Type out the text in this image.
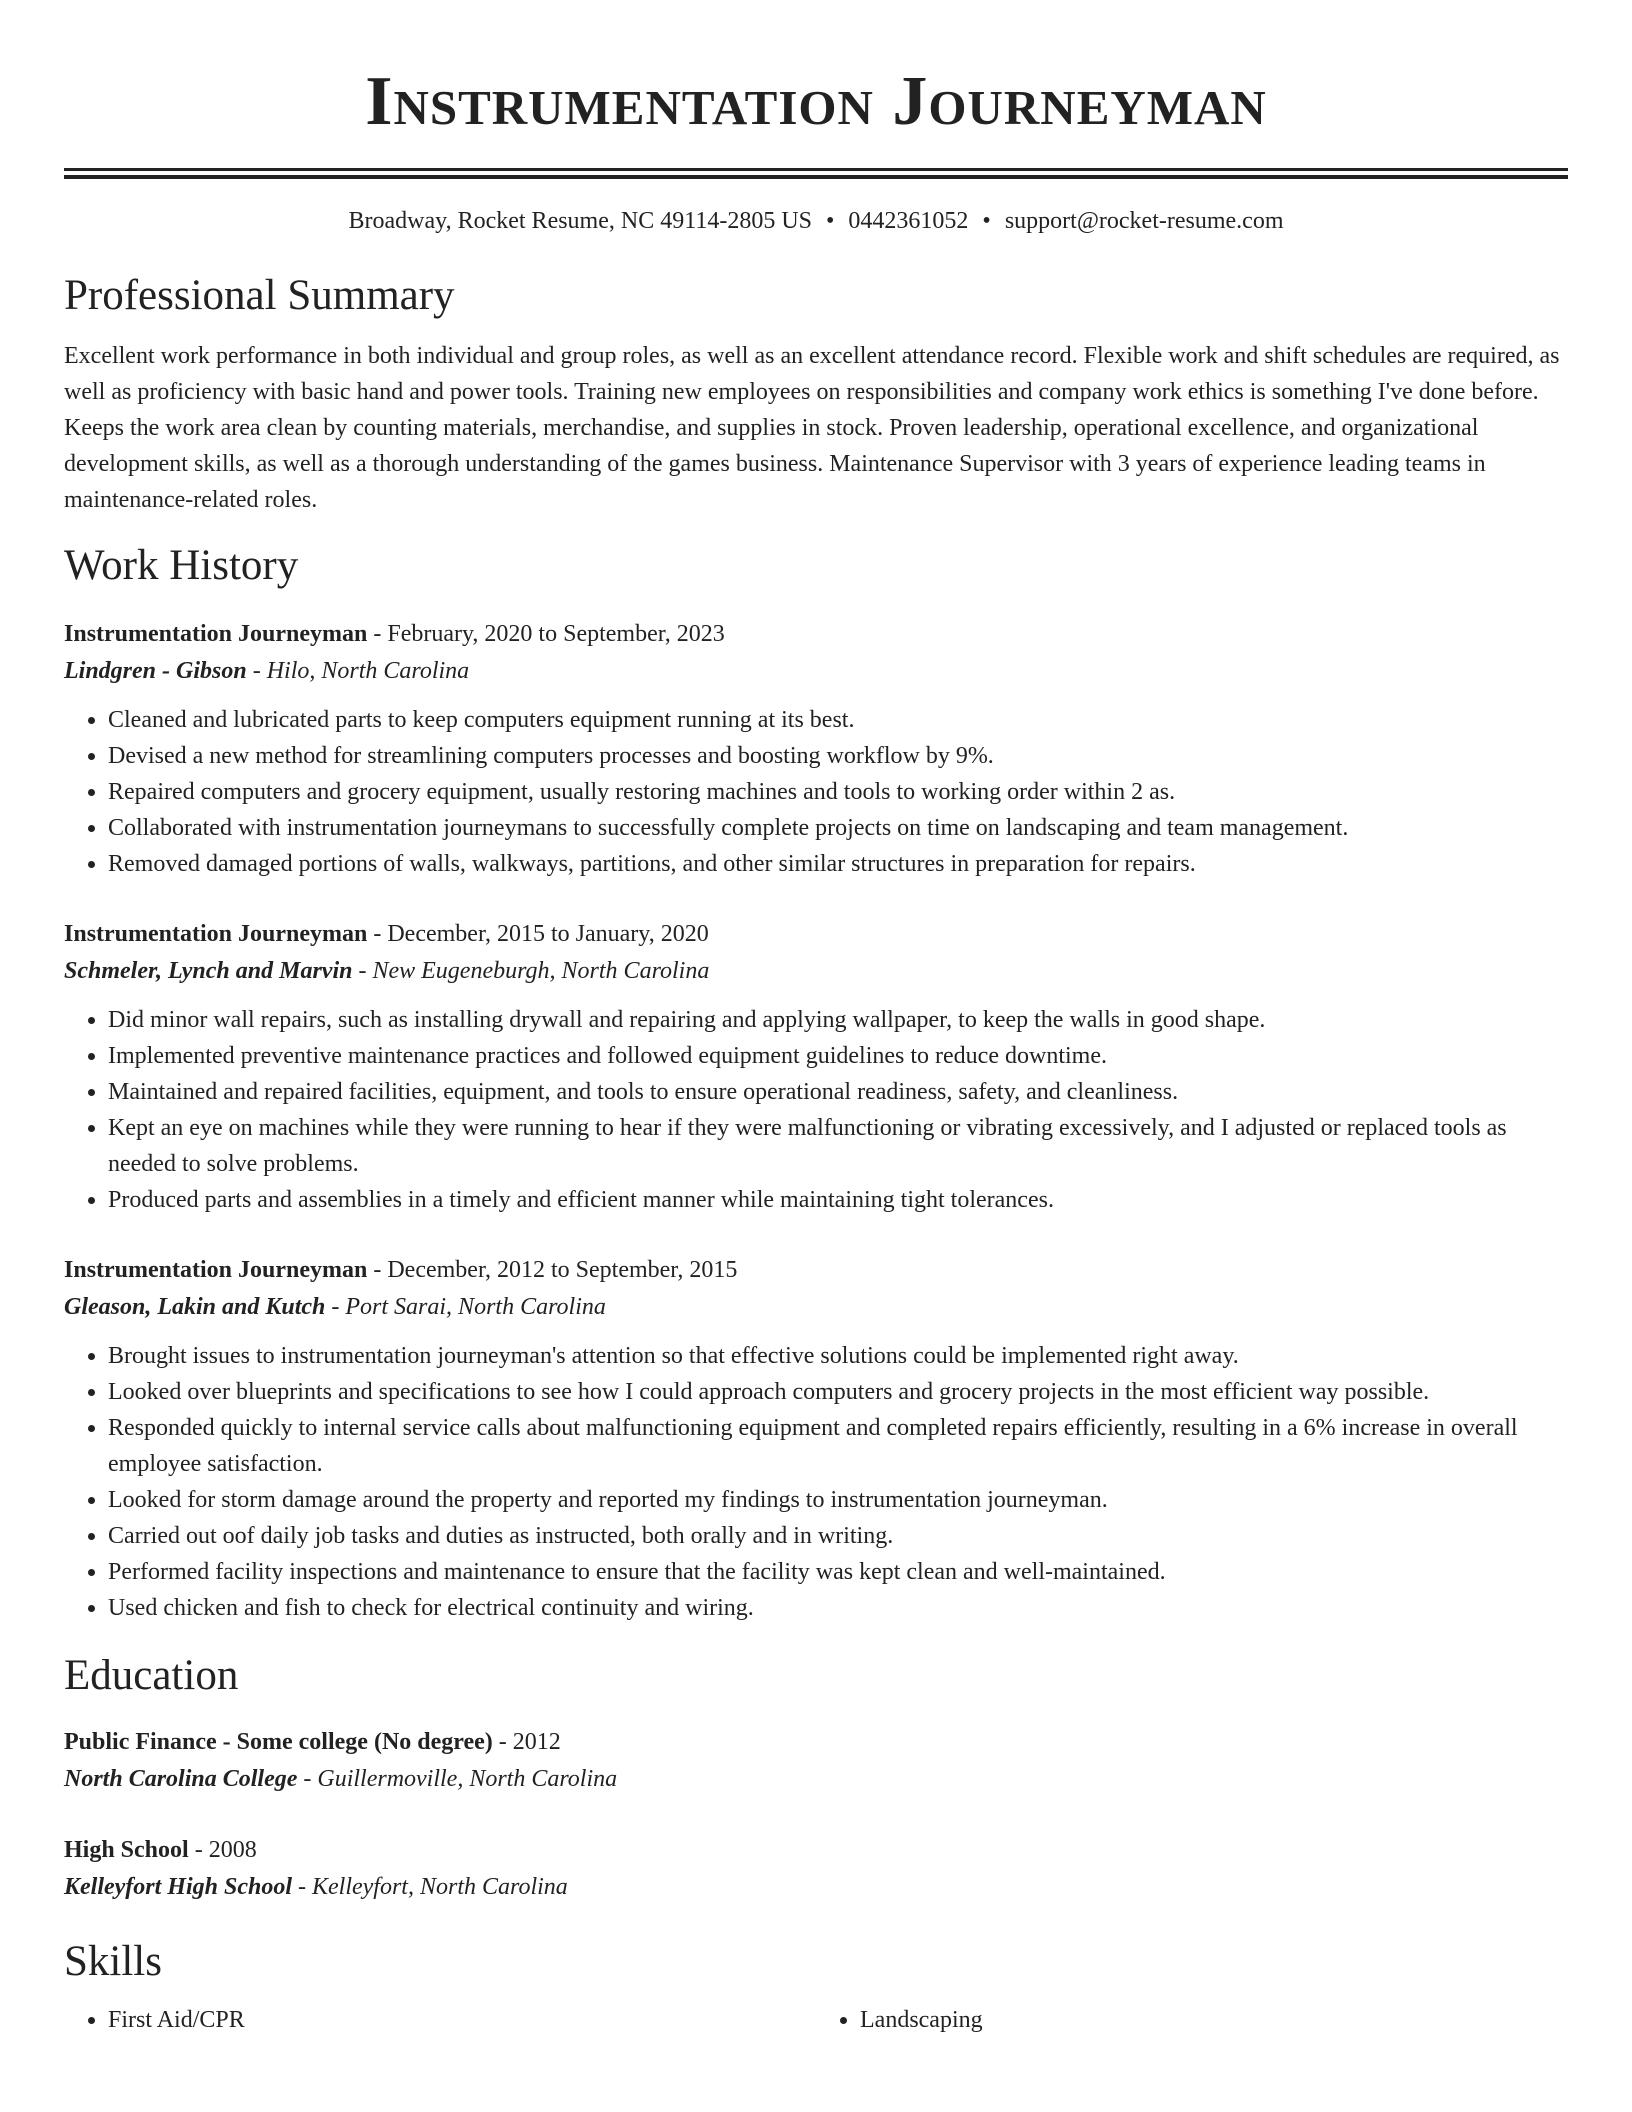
Instrumentation Journeyman
Broadway, Rocket Resume, NC 49114-2805 US • 0442361052 • support@rocket-resume.com
Professional Summary

Excellent work performance in both individual and group roles, as well as an excellent attendance record. Flexible work and shift schedules are required, as well as proficiency with basic hand and power tools. Training new employees on responsibilities and company work ethics is something I've done before. Keeps the work area clean by counting materials, merchandise, and supplies in stock. Proven leadership, operational excellence, and organizational development skills, as well as a thorough understanding of the games business. Maintenance Supervisor with 3 years of experience leading teams in maintenance-related roles.

Work History
Instrumentation Journeyman - February, 2020 to September, 2023
Lindgren - Gibson - Hilo, North Carolina
• Cleaned and lubricated parts to keep computers equipment running at its best.
• Devised a new method for streamlining computers processes and boosting workflow by 9%.
• Repaired computers and grocery equipment, usually restoring machines and tools to working order within 2 as.
• Collaborated with instrumentation journeymans to successfully complete projects on time on landscaping and team management.
• Removed damaged portions of walls, walkways, partitions, and other similar structures in preparation for repairs.
Instrumentation Journeyman - December, 2015 to January, 2020
Schmeler, Lynch and Marvin - New Eugeneburgh, North Carolina
• Did minor wall repairs, such as installing drywall and repairing and applying wallpaper, to keep the walls in good shape.
• Implemented preventive maintenance practices and followed equipment guidelines to reduce downtime.
• Maintained and repaired facilities, equipment, and tools to ensure operational readiness, safety, and cleanliness.
• Kept an eye on machines while they were running to hear if they were malfunctioning or vibrating excessively, and I adjusted or replaced tools as needed to solve problems.
• Produced parts and assemblies in a timely and efficient manner while maintaining tight tolerances.
Instrumentation Journeyman - December, 2012 to September, 2015
Gleason, Lakin and Kutch - Port Sarai, North Carolina
• Brought issues to instrumentation journeyman's attention so that effective solutions could be implemented right away.
• Looked over blueprints and specifications to see how I could approach computers and grocery projects in the most efficient way possible.
• Responded quickly to internal service calls about malfunctioning equipment and completed repairs efficiently, resulting in a 6% increase in overall employee satisfaction.
• Looked for storm damage around the property and reported my findings to instrumentation journeyman.
• Carried out oof daily job tasks and duties as instructed, both orally and in writing.
• Performed facility inspections and maintenance to ensure that the facility was kept clean and well-maintained.
• Used chicken and fish to check for electrical continuity and wiring.
Education
Public Finance - Some college (No degree) - 2012
North Carolina College - Guillermoville, North Carolina
High School - 2008
Kelleyfort High School - Kelleyfort, North Carolina
Skills
• First Aid/CPR
•	Landscaping
